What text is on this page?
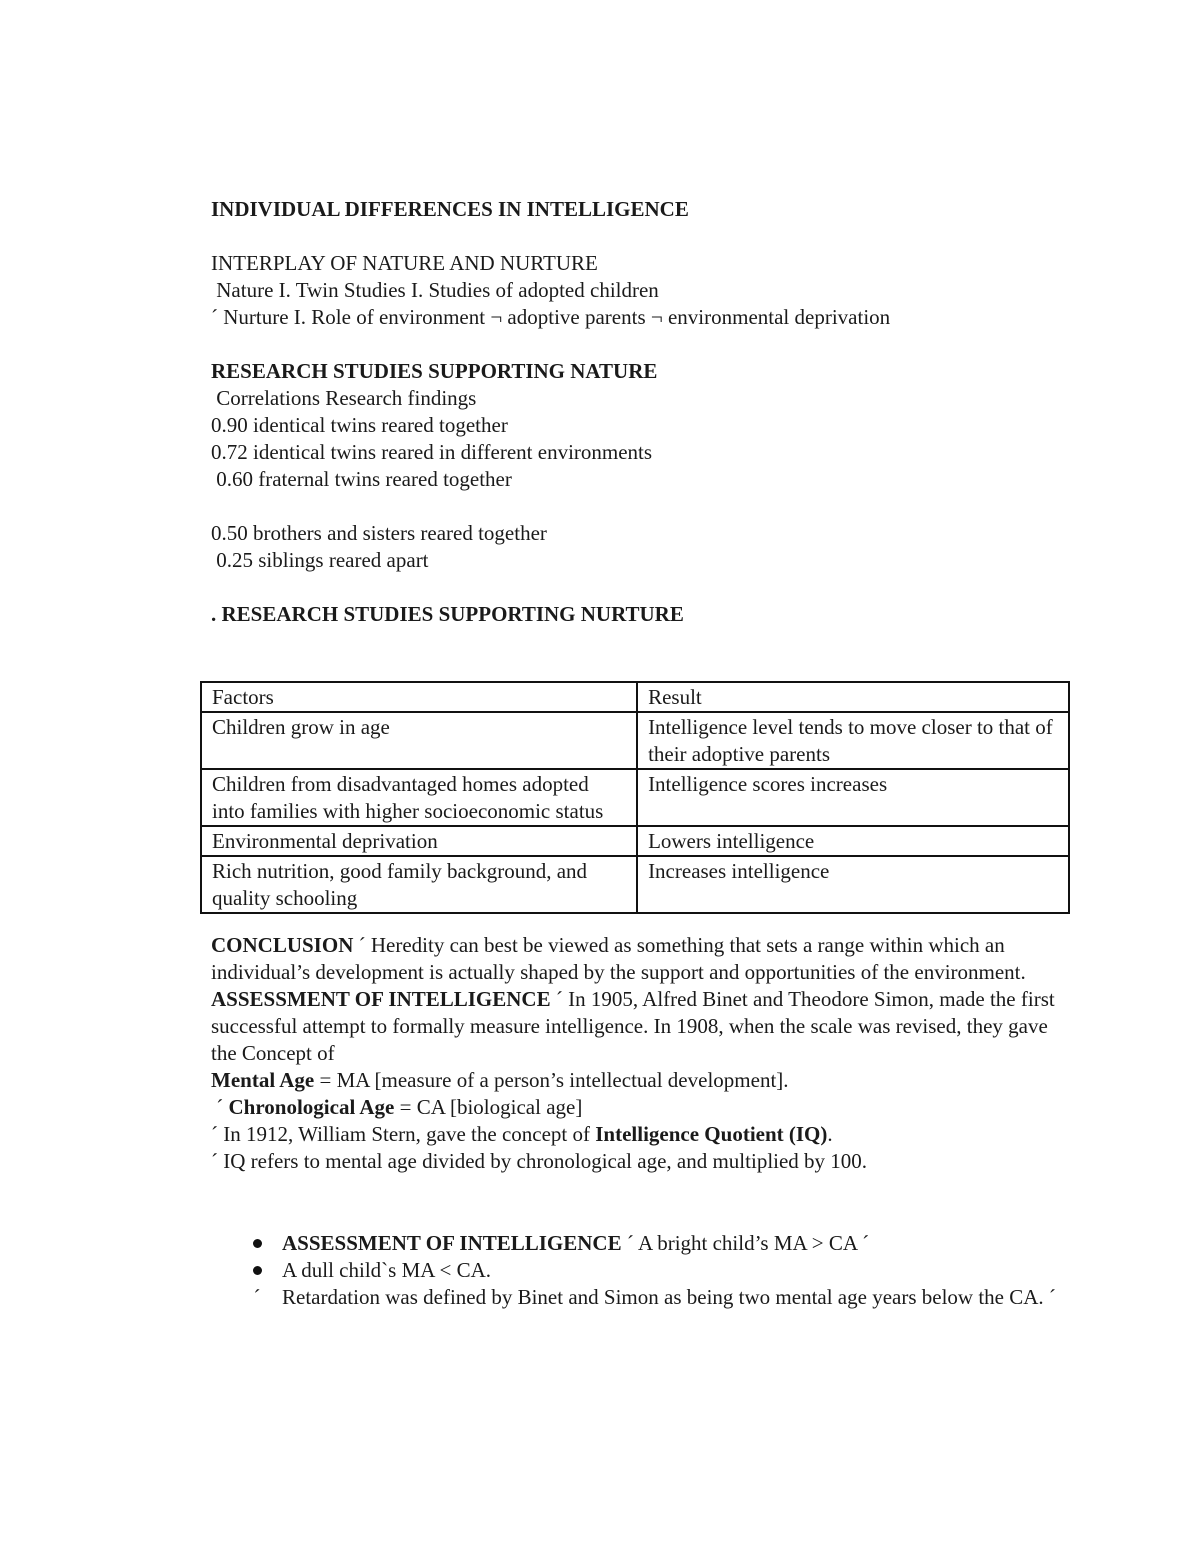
INDIVIDUAL DIFFERENCES IN INTELLIGENCE
INTERPLAY OF NATURE AND NURTURE
Nature I. Twin Studies I. Studies of adopted children
´ Nurture I. Role of environment ¬ adoptive parents ¬ environmental deprivation
RESEARCH STUDIES SUPPORTING NATURE
Correlations Research findings
0.90 identical twins reared together
0.72 identical twins reared in different environments
0.60 fraternal twins reared together
0.50 brothers and sisters reared together
0.25 siblings reared apart
. RESEARCH STUDIES SUPPORTING NURTURE
Factors	Result
Children grow in age	Intelligence level tends to move closer to that of their adoptive parents
Children from disadvantaged homes adopted into families with higher socioeconomic status	Intelligence scores increases
Environmental deprivation	Lowers intelligence
Rich nutrition, good family background, and quality schooling	Increases intelligence
CONCLUSION ´ Heredity can best be viewed as something that sets a range within which an individual’s development is actually shaped by the support and opportunities of the environment.
ASSESSMENT OF INTELLIGENCE ´ In 1905, Alfred Binet and Theodore Simon, made the first successful attempt to formally measure intelligence. In 1908, when the scale was revised, they gave the Concept of
Mental Age = MA [measure of a person’s intellectual development].
´ Chronological Age = CA [biological age]
´ In 1912, William Stern, gave the concept of Intelligence Quotient (IQ).
´ IQ refers to mental age divided by chronological age, and multiplied by 100.
ASSESSMENT OF INTELLIGENCE ´ A bright child’s MA > CA ´
A dull child`s MA < CA.
´	Retardation was defined by Binet and Simon as being two mental age years below the CA. ´
